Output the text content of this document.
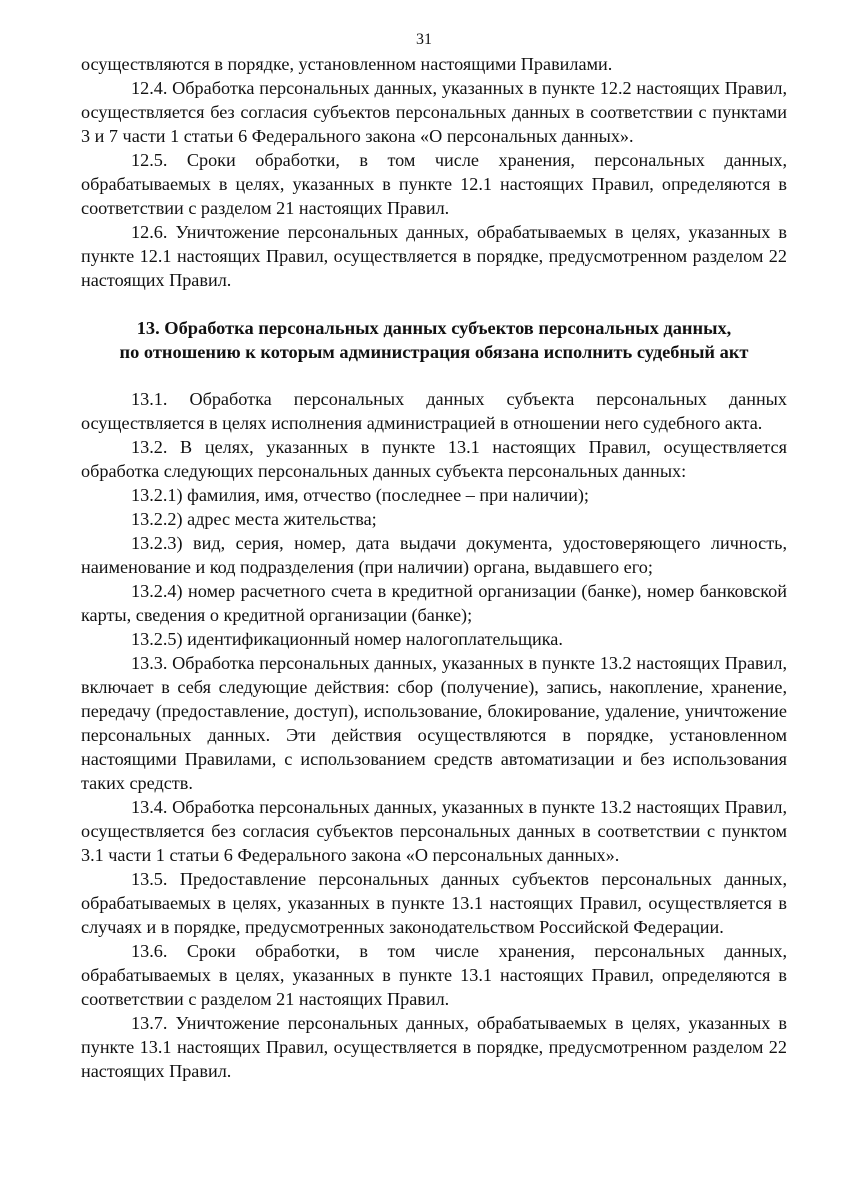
31

осуществляются в порядке, установленном настоящими Правилами.

12.4. Обработка персональных данных, указанных в пункте 12.2 настоящих Правил, осуществляется без согласия субъектов персональных данных в соответствии с пунктами 3 и 7 части 1 статьи 6 Федерального закона «О персональных данных».

12.5. Сроки обработки, в том числе хранения, персональных данных, обрабатываемых в целях, указанных в пункте 12.1 настоящих Правил, определяются в соответствии с разделом 21 настоящих Правил.

12.6. Уничтожение персональных данных, обрабатываемых в целях, указанных в пункте 12.1 настоящих Правил, осуществляется в порядке, предусмотренном разделом 22 настоящих Правил.

13. Обработка персональных данных субъектов персональных данных,
по отношению к которым администрация обязана исполнить судебный акт

13.1. Обработка персональных данных субъекта персональных данных осуществляется в целях исполнения администрацией в отношении него судебного акта.

13.2. В целях, указанных в пункте 13.1 настоящих Правил, осуществляется обработка следующих персональных данных субъекта персональных данных:

13.2.1) фамилия, имя, отчество (последнее – при наличии);

13.2.2) адрес места жительства;

13.2.3) вид, серия, номер, дата выдачи документа, удостоверяющего личность, наименование и код подразделения (при наличии) органа, выдавшего его;

13.2.4) номер расчетного счета в кредитной организации (банке), номер банковской карты, сведения о кредитной организации (банке);

13.2.5) идентификационный номер налогоплательщика.

13.3. Обработка персональных данных, указанных в пункте 13.2 настоящих Правил, включает в себя следующие действия: сбор (получение), запись, накопление, хранение, передачу (предоставление, доступ), использование, блокирование, удаление, уничтожение персональных данных. Эти действия осуществляются в порядке, установленном настоящими Правилами, с использованием средств автоматизации и без использования таких средств.

13.4. Обработка персональных данных, указанных в пункте 13.2 настоящих Правил, осуществляется без согласия субъектов персональных данных в соответствии с пунктом 3.1 части 1 статьи 6 Федерального закона «О персональных данных».

13.5. Предоставление персональных данных субъектов персональных данных, обрабатываемых в целях, указанных в пункте 13.1 настоящих Правил, осуществляется в случаях и в порядке, предусмотренных законодательством Российской Федерации.

13.6. Сроки обработки, в том числе хранения, персональных данных, обрабатываемых в целях, указанных в пункте 13.1 настоящих Правил, определяются в соответствии с разделом 21 настоящих Правил.

13.7. Уничтожение персональных данных, обрабатываемых в целях, указанных в пункте 13.1 настоящих Правил, осуществляется в порядке, предусмотренном разделом 22 настоящих Правил.
